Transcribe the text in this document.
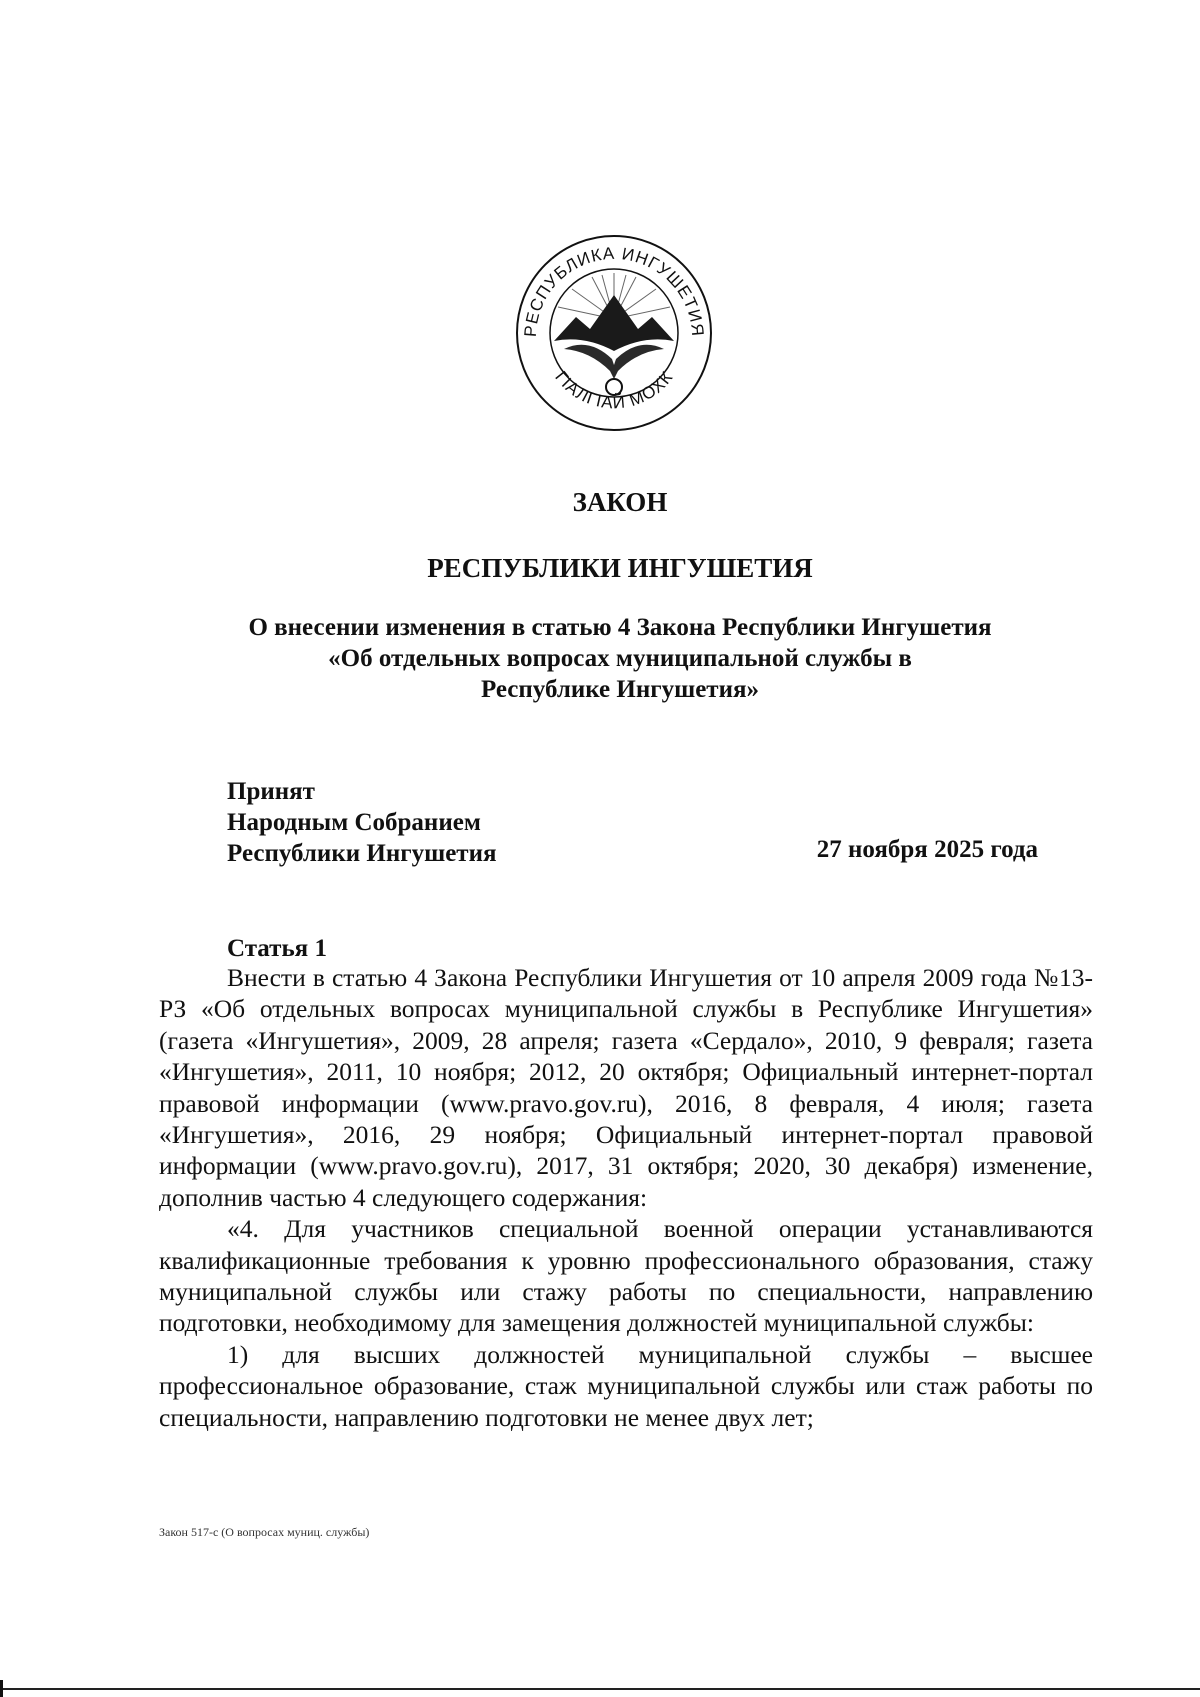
РЕСПУБЛИКА ИНГУШЕТИЯ
ГIАЛГIАЙ МОХК
ЗАКОН
РЕСПУБЛИКИ ИНГУШЕТИЯ
О внесении изменения в статью 4 Закона Республики Ингушетия
«Об отдельных вопросах муниципальной службы в
Республике Ингушетия»
Принят
Народным Собранием
Республики Ингушетия	27 ноября 2025 года
Статья 1

Внести в статью 4 Закона Республики Ингушетия от 10 апреля 2009 года №13-РЗ «Об отдельных вопросах муниципальной службы в Республике Ингушетия» (газета «Ингушетия», 2009, 28 апреля; газета «Сердало», 2010, 9 февраля; газета «Ингушетия», 2011, 10 ноября; 2012, 20 октября; Официальный интернет-портал правовой информации (www.pravo.gov.ru), 2016, 8 февраля, 4 июля; газета «Ингушетия», 2016, 29 ноября; Официальный интернет-портал правовой информации (www.pravo.gov.ru), 2017, 31 октября; 2020, 30 декабря) изменение, дополнив частью 4 следующего содержания:

«4. Для участников специальной военной операции устанавливаются квалификационные требования к уровню профессионального образования, стажу муниципальной службы или стажу работы по специальности, направлению подготовки, необходимому для замещения должностей муниципальной службы:

1) для высших должностей муниципальной службы – высшее профессиональное образование, стаж муниципальной службы или стаж работы по специальности, направлению подготовки не менее двух лет;

Закон 517-с (О вопросах муниц. службы)
